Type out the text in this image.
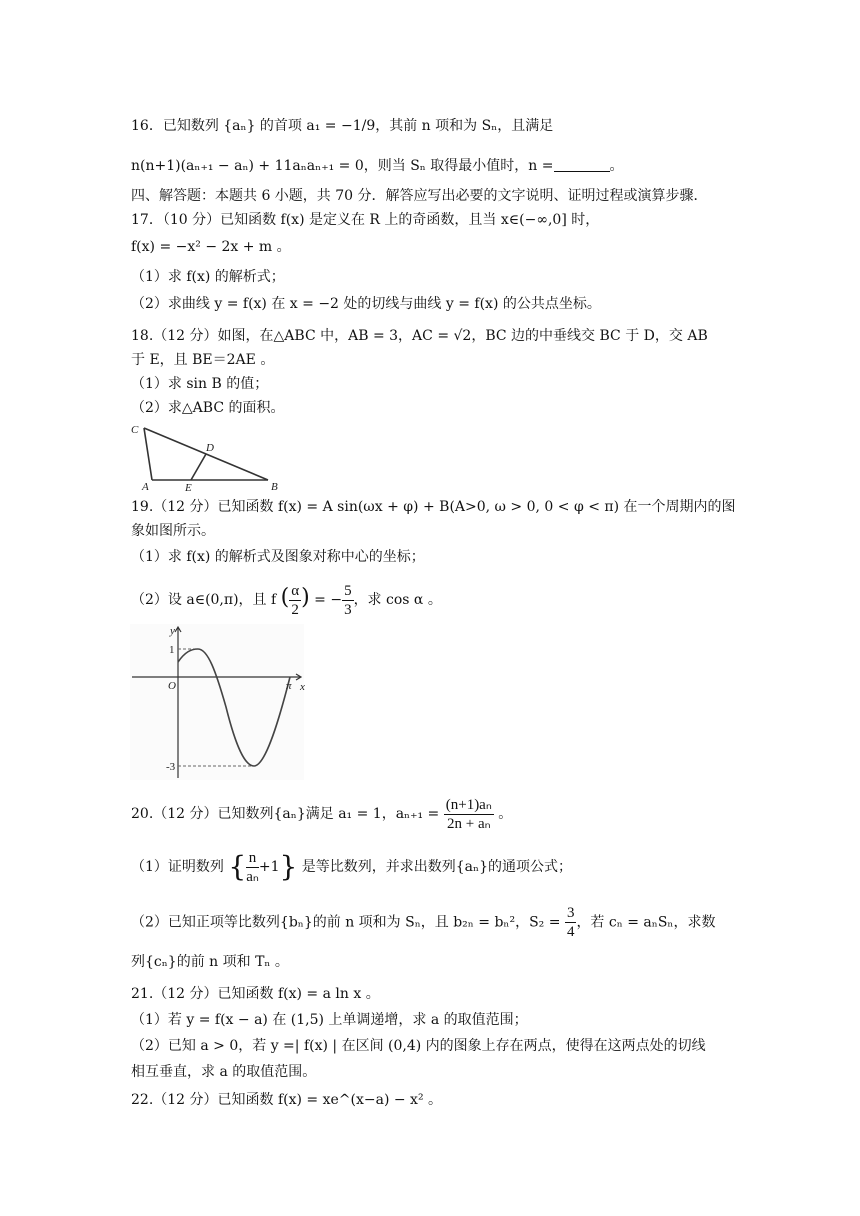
16．已知数列 {aₙ} 的首项 a₁ = −1/9，其前 n 项和为 Sₙ，且满足
n(n+1)(aₙ₊₁ − aₙ) + 11aₙaₙ₊₁ = 0，则当 Sₙ 取得最小值时，n =	。
四、解答题：本题共 6 小题，共 70 分．解答应写出必要的文字说明、证明过程或演算步骤．
17．（10 分）已知函数 f(x) 是定义在 R 上的奇函数，且当 x∈(−∞,0] 时，
f(x) = −x² − 2x + m 。
（1）求 f(x) 的解析式；
（2）求曲线 y = f(x) 在 x = −2 处的切线与曲线 y = f(x) 的公共点坐标。
18.（12 分）如图，在△ABC 中，AB = 3，AC = √2，BC 边的中垂线交 BC 于 D，交 AB
于 E，且 BE＝2AE 。
（1）求 sin B 的值；
（2）求△ABC 的面积。
C
D
A	E	B
19.（12 分）已知函数 f(x) = A sin(ωx + φ) + B(A>0, ω > 0, 0 < φ < π) 在一个周期内的图
象如图所示。
（1）求 f(x) 的解析式及图象对称中心的坐标；
（2）设 a∈(0,π)，且 f ( $\frac{\alpha}{2}$ ) = − $\frac{5}{3}$ ，求 cos α 。
y
x
1
O	π
-3
20.（12 分）已知数列{aₙ}满足 a₁ = 1，$a_{n+1} = \frac{\text{(n+1)aₙ}}{\text{2n + aₙ}}$ 。
（1）证明数列 { $\frac{n}{\text{aₙ}} +1$} 是等比数列，并求出数列{aₙ}的通项公式；
（2）已知正项等比数列{bₙ}的前 n 项和为 Sₙ，且 b₂ₙ = bₙ²，$S_2 = \frac{3}{4}$ ，若 cₙ = aₙSₙ，求数
列{cₙ}的前 n 项和 Tₙ 。
21.（12 分）已知函数 f(x) = a ln x 。
（1）若 y = f(x − a) 在 (1,5) 上单调递增，求 a 的取值范围；
（2）已知 a > 0，若 y =| f(x) | 在区间 (0,4) 内的图象上存在两点，使得在这两点处的切线
相互垂直，求 a 的取值范围。
22.（12 分）已知函数 f(x) = xe^(x−a) − x² 。
